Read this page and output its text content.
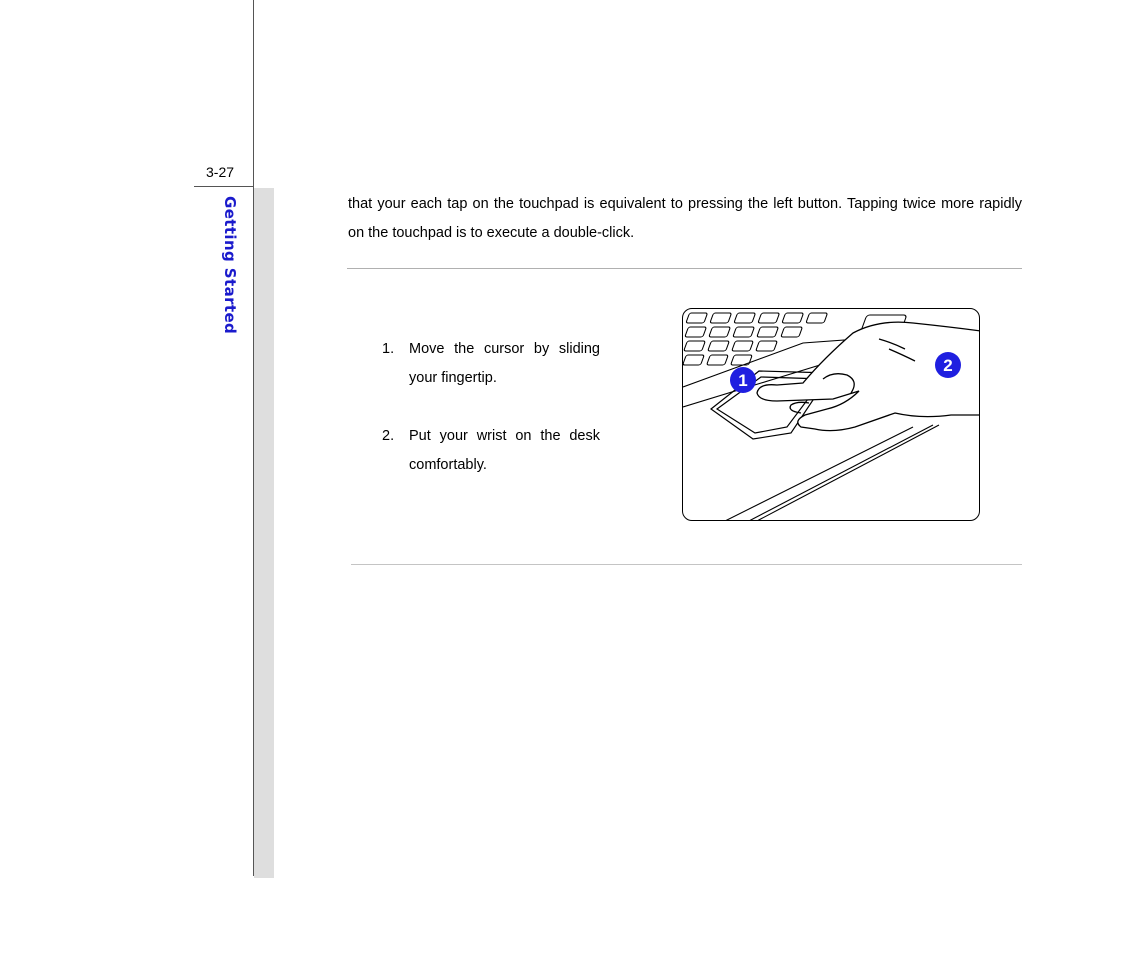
3-27
Getting Started	that your each tap on the touchpad is equivalent to pressing the left button. Tapping twice more rapidly on the touchpad is to execute a double-click.

1. Move the cursor by sliding your fingertip.
2. Put your wrist on the desk comfortably.
1
2
